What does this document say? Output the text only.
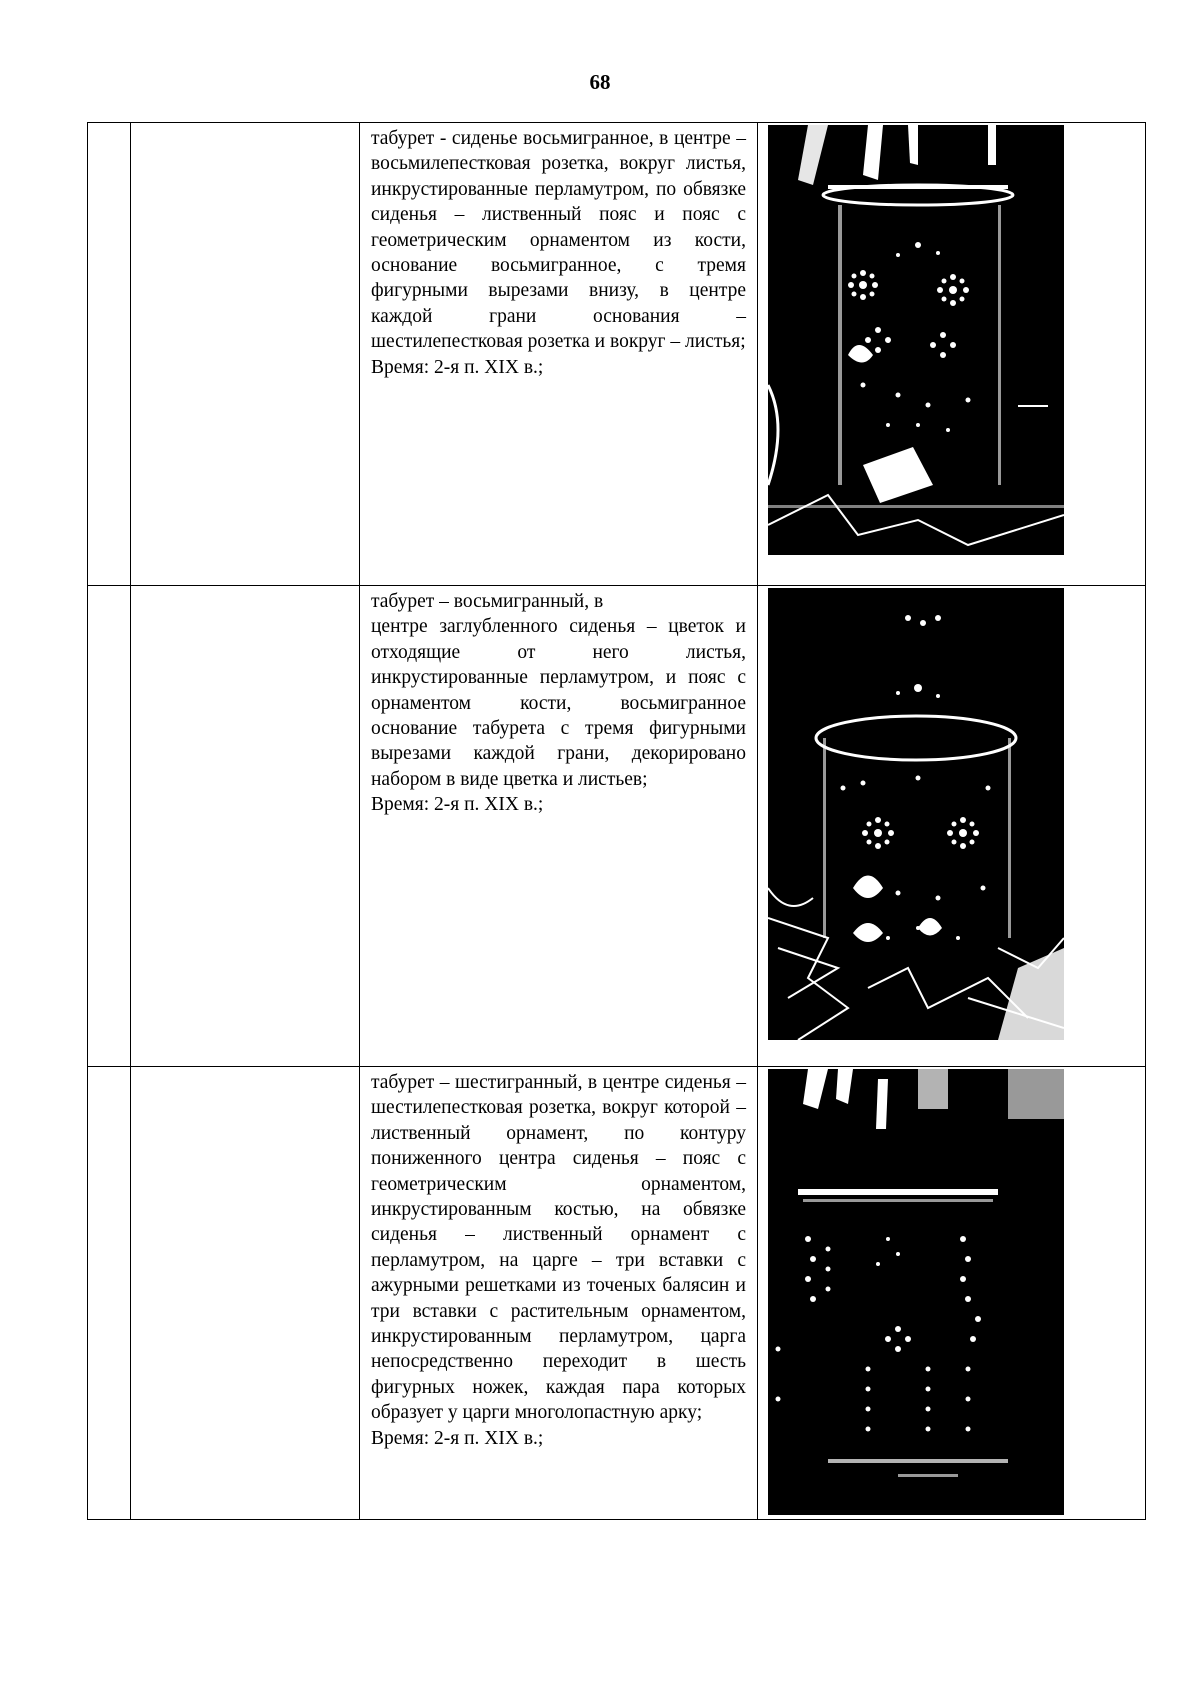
68

		табурет - сиденье восьмигранное, в центре – восьмилепестковая розетка, вокруг листья, инкрустированные перламутром, по обвязке сиденья – лиственный пояс и пояс с геометрическим орнаментом из кости, основание восьмигранное, с тремя фигурными вырезами внизу, в центре каждой грани основания – шестилепестковая розетка и вокруг – листья;
Время: 2-я п. XIX в.;

		табурет – восьмигранный, в
центре заглубленного сиденья – цветок и отходящие от него листья, инкрустированные перламутром, и пояс с орнаментом кости, восьмигранное основание табурета с тремя фигурными вырезами каждой грани, декорировано набором в виде цветка и листьев;
Время: 2-я п. XIX в.;

		табурет – шестигранный, в центре сиденья – шестилепестковая розетка, вокруг которой – лиственный орнамент, по контуру пониженного центра сиденья – пояс с геометрическим орнаментом, инкрустированным костью, на обвязке сиденья – лиственный орнамент с перламутром, на царге – три вставки с ажурными решетками из точеных балясин и три вставки с растительным орнаментом, инкрустированным перламутром, царга непосредственно переходит в шесть фигурных ножек, каждая пара которых образует у царги многолопастную арку;
Время: 2-я п. XIX в.;
